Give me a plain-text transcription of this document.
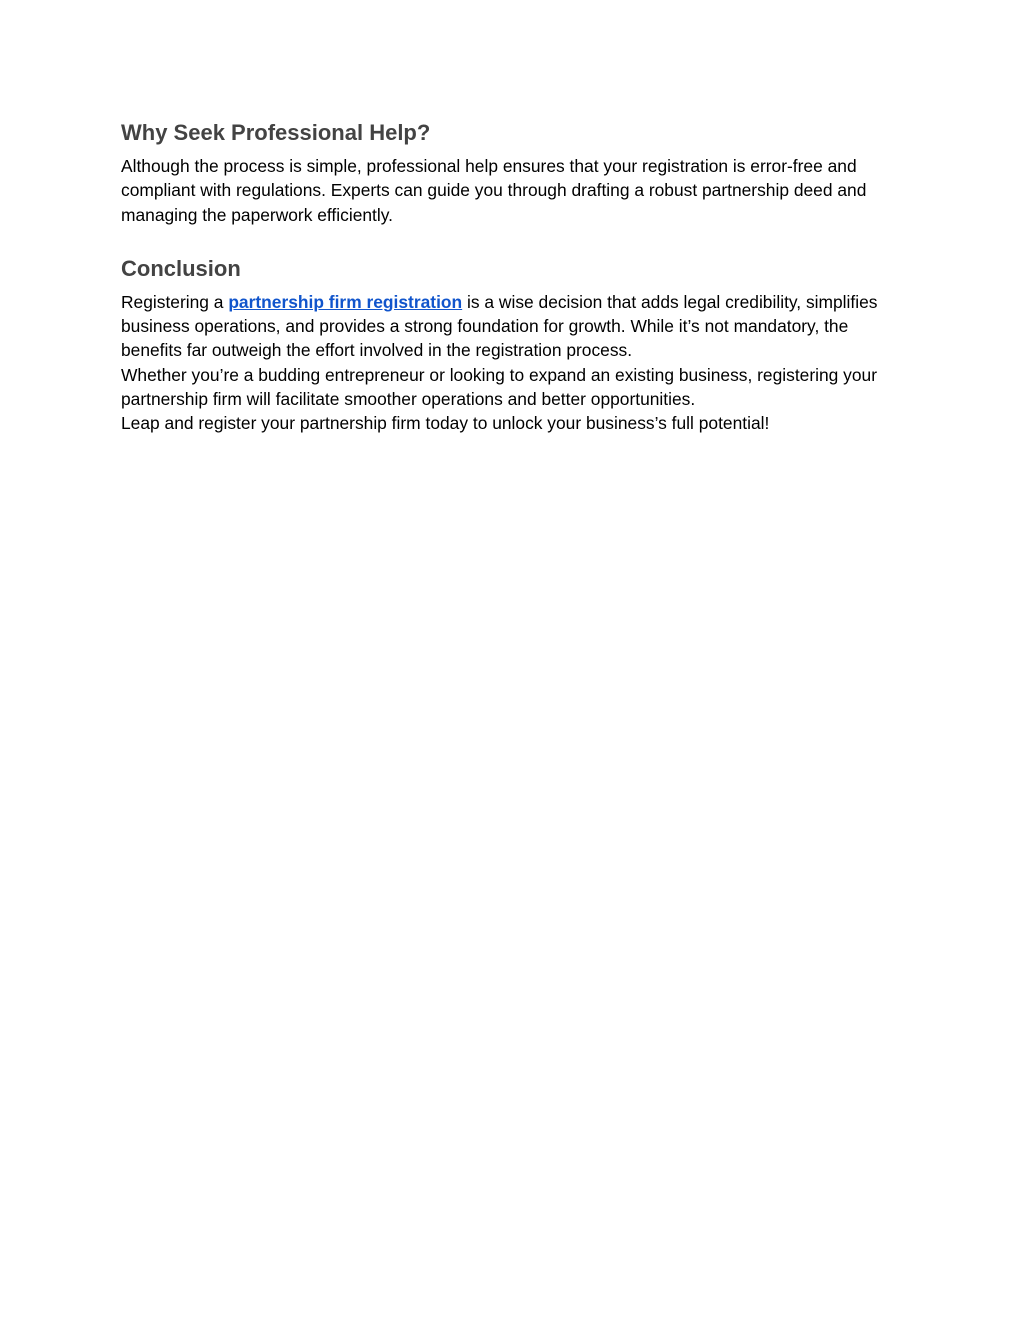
Why Seek Professional Help?

Although the process is simple, professional help ensures that your registration is error-free and compliant with regulations. Experts can guide you through drafting a robust partnership deed and managing the paperwork efficiently.

Conclusion

Registering a partnership firm registration is a wise decision that adds legal credibility, simplifies business operations, and provides a strong foundation for growth. While it’s not mandatory, the benefits far outweigh the effort involved in the registration process.

Whether you’re a budding entrepreneur or looking to expand an existing business, registering your partnership firm will facilitate smoother operations and better opportunities.

Leap and register your partnership firm today to unlock your business’s full potential!
